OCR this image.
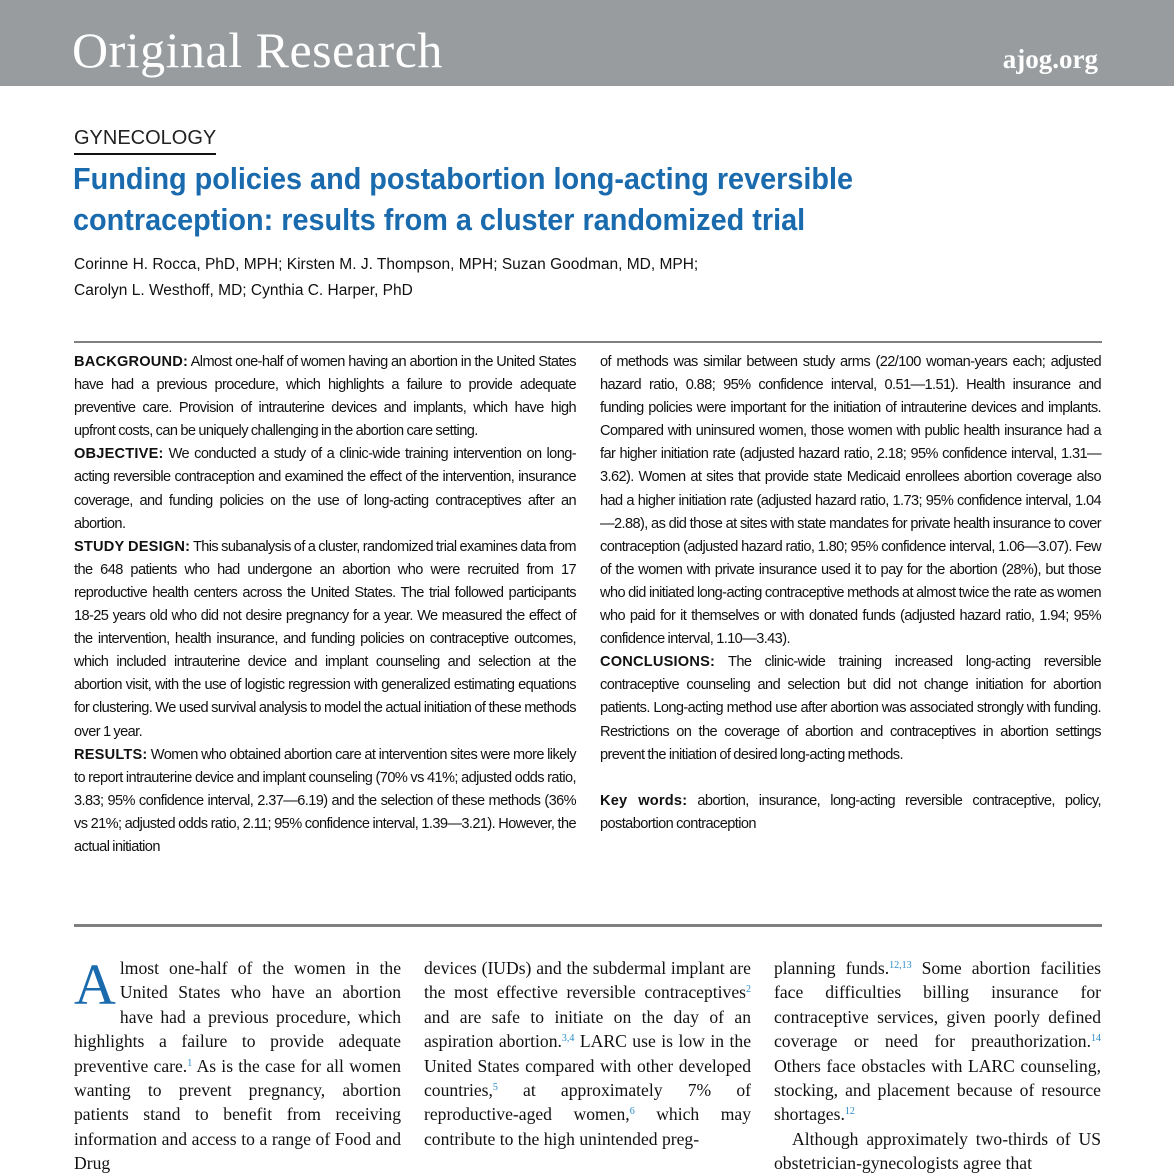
Original Research	ajog.org
GYNECOLOGY
Funding policies and postabortion long-acting reversible contraception: results from a cluster randomized trial
Corinne H. Rocca, PhD, MPH; Kirsten M. J. Thompson, MPH; Suzan Goodman, MD, MPH;
Carolyn L. Westhoff, MD; Cynthia C. Harper, PhD

BACKGROUND: Almost one-half of women having an abortion in the United States have had a previous procedure, which highlights a failure to provide adequate preventive care. Provision of intrauterine devices and implants, which have high upfront costs, can be uniquely challenging in the abortion care setting.

OBJECTIVE: We conducted a study of a clinic-wide training intervention on long-acting reversible contraception and examined the effect of the intervention, insurance coverage, and funding policies on the use of long-acting contraceptives after an abortion.

STUDY DESIGN: This subanalysis of a cluster, randomized trial examines data from the 648 patients who had undergone an abortion who were recruited from 17 reproductive health centers across the United States. The trial followed participants 18-25 years old who did not desire pregnancy for a year. We measured the effect of the intervention, health insurance, and funding policies on contraceptive outcomes, which included intrauterine device and implant counseling and selection at the abortion visit, with the use of logistic regression with generalized estimating equations for clustering. We used survival analysis to model the actual initiation of these methods over 1 year.

RESULTS: Women who obtained abortion care at intervention sites were more likely to report intrauterine device and implant counseling (70% vs 41%; adjusted odds ratio, 3.83; 95% confidence interval, 2.37—6.19) and the selection of these methods (36% vs 21%; adjusted odds ratio, 2.11; 95% confidence interval, 1.39—3.21). However, the actual initiation

of methods was similar between study arms (22/100 woman-years each; adjusted hazard ratio, 0.88; 95% confidence interval, 0.51—1.51). Health insurance and funding policies were important for the initiation of intrauterine devices and implants. Compared with uninsured women, those women with public health insurance had a far higher initiation rate (adjusted hazard ratio, 2.18; 95% confidence interval, 1.31—3.62). Women at sites that provide state Medicaid enrollees abortion coverage also had a higher initiation rate (adjusted hazard ratio, 1.73; 95% confidence interval, 1.04—2.88), as did those at sites with state mandates for private health insurance to cover contraception (adjusted hazard ratio, 1.80; 95% confidence interval, 1.06—3.07). Few of the women with private insurance used it to pay for the abortion (28%), but those who did initiated long-acting contraceptive methods at almost twice the rate as women who paid for it themselves or with donated funds (adjusted hazard ratio, 1.94; 95% confidence interval, 1.10—3.43).

CONCLUSIONS: The clinic-wide training increased long-acting reversible contraceptive counseling and selection but did not change initiation for abortion patients. Long-acting method use after abortion was associated strongly with funding. Restrictions on the coverage of abortion and contraceptives in abortion settings prevent the initiation of desired long-acting methods.

Key words: abortion, insurance, long-acting reversible contraceptive, policy, postabortion contraception

Almost one-half of the women in the United States who have an abortion have had a previous procedure, which highlights a failure to provide adequate preventive care.$^1$ As is the case for all women wanting to prevent pregnancy, abortion patients stand to benefit from receiving information and access to a range of Food and Drug

devices (IUDs) and the subdermal implant are the most effective reversible contraceptives$^2$ and are safe to initiate on the day of an aspiration abortion.$^{3,4}$ LARC use is low in the United States compared with other developed countries,$^5$ at approximately 7% of reproductive-aged women,$^6$ which may contribute to the high unintended preg-

planning funds.$^{12,13}$ Some abortion facilities face difficulties billing insurance for contraceptive services, given poorly defined coverage or need for preauthorization.$^{14}$ Others face obstacles with LARC counseling, stocking, and placement because of resource shortages.$^{12}$

Although approximately two-thirds of US obstetrician-gynecologists agree that
